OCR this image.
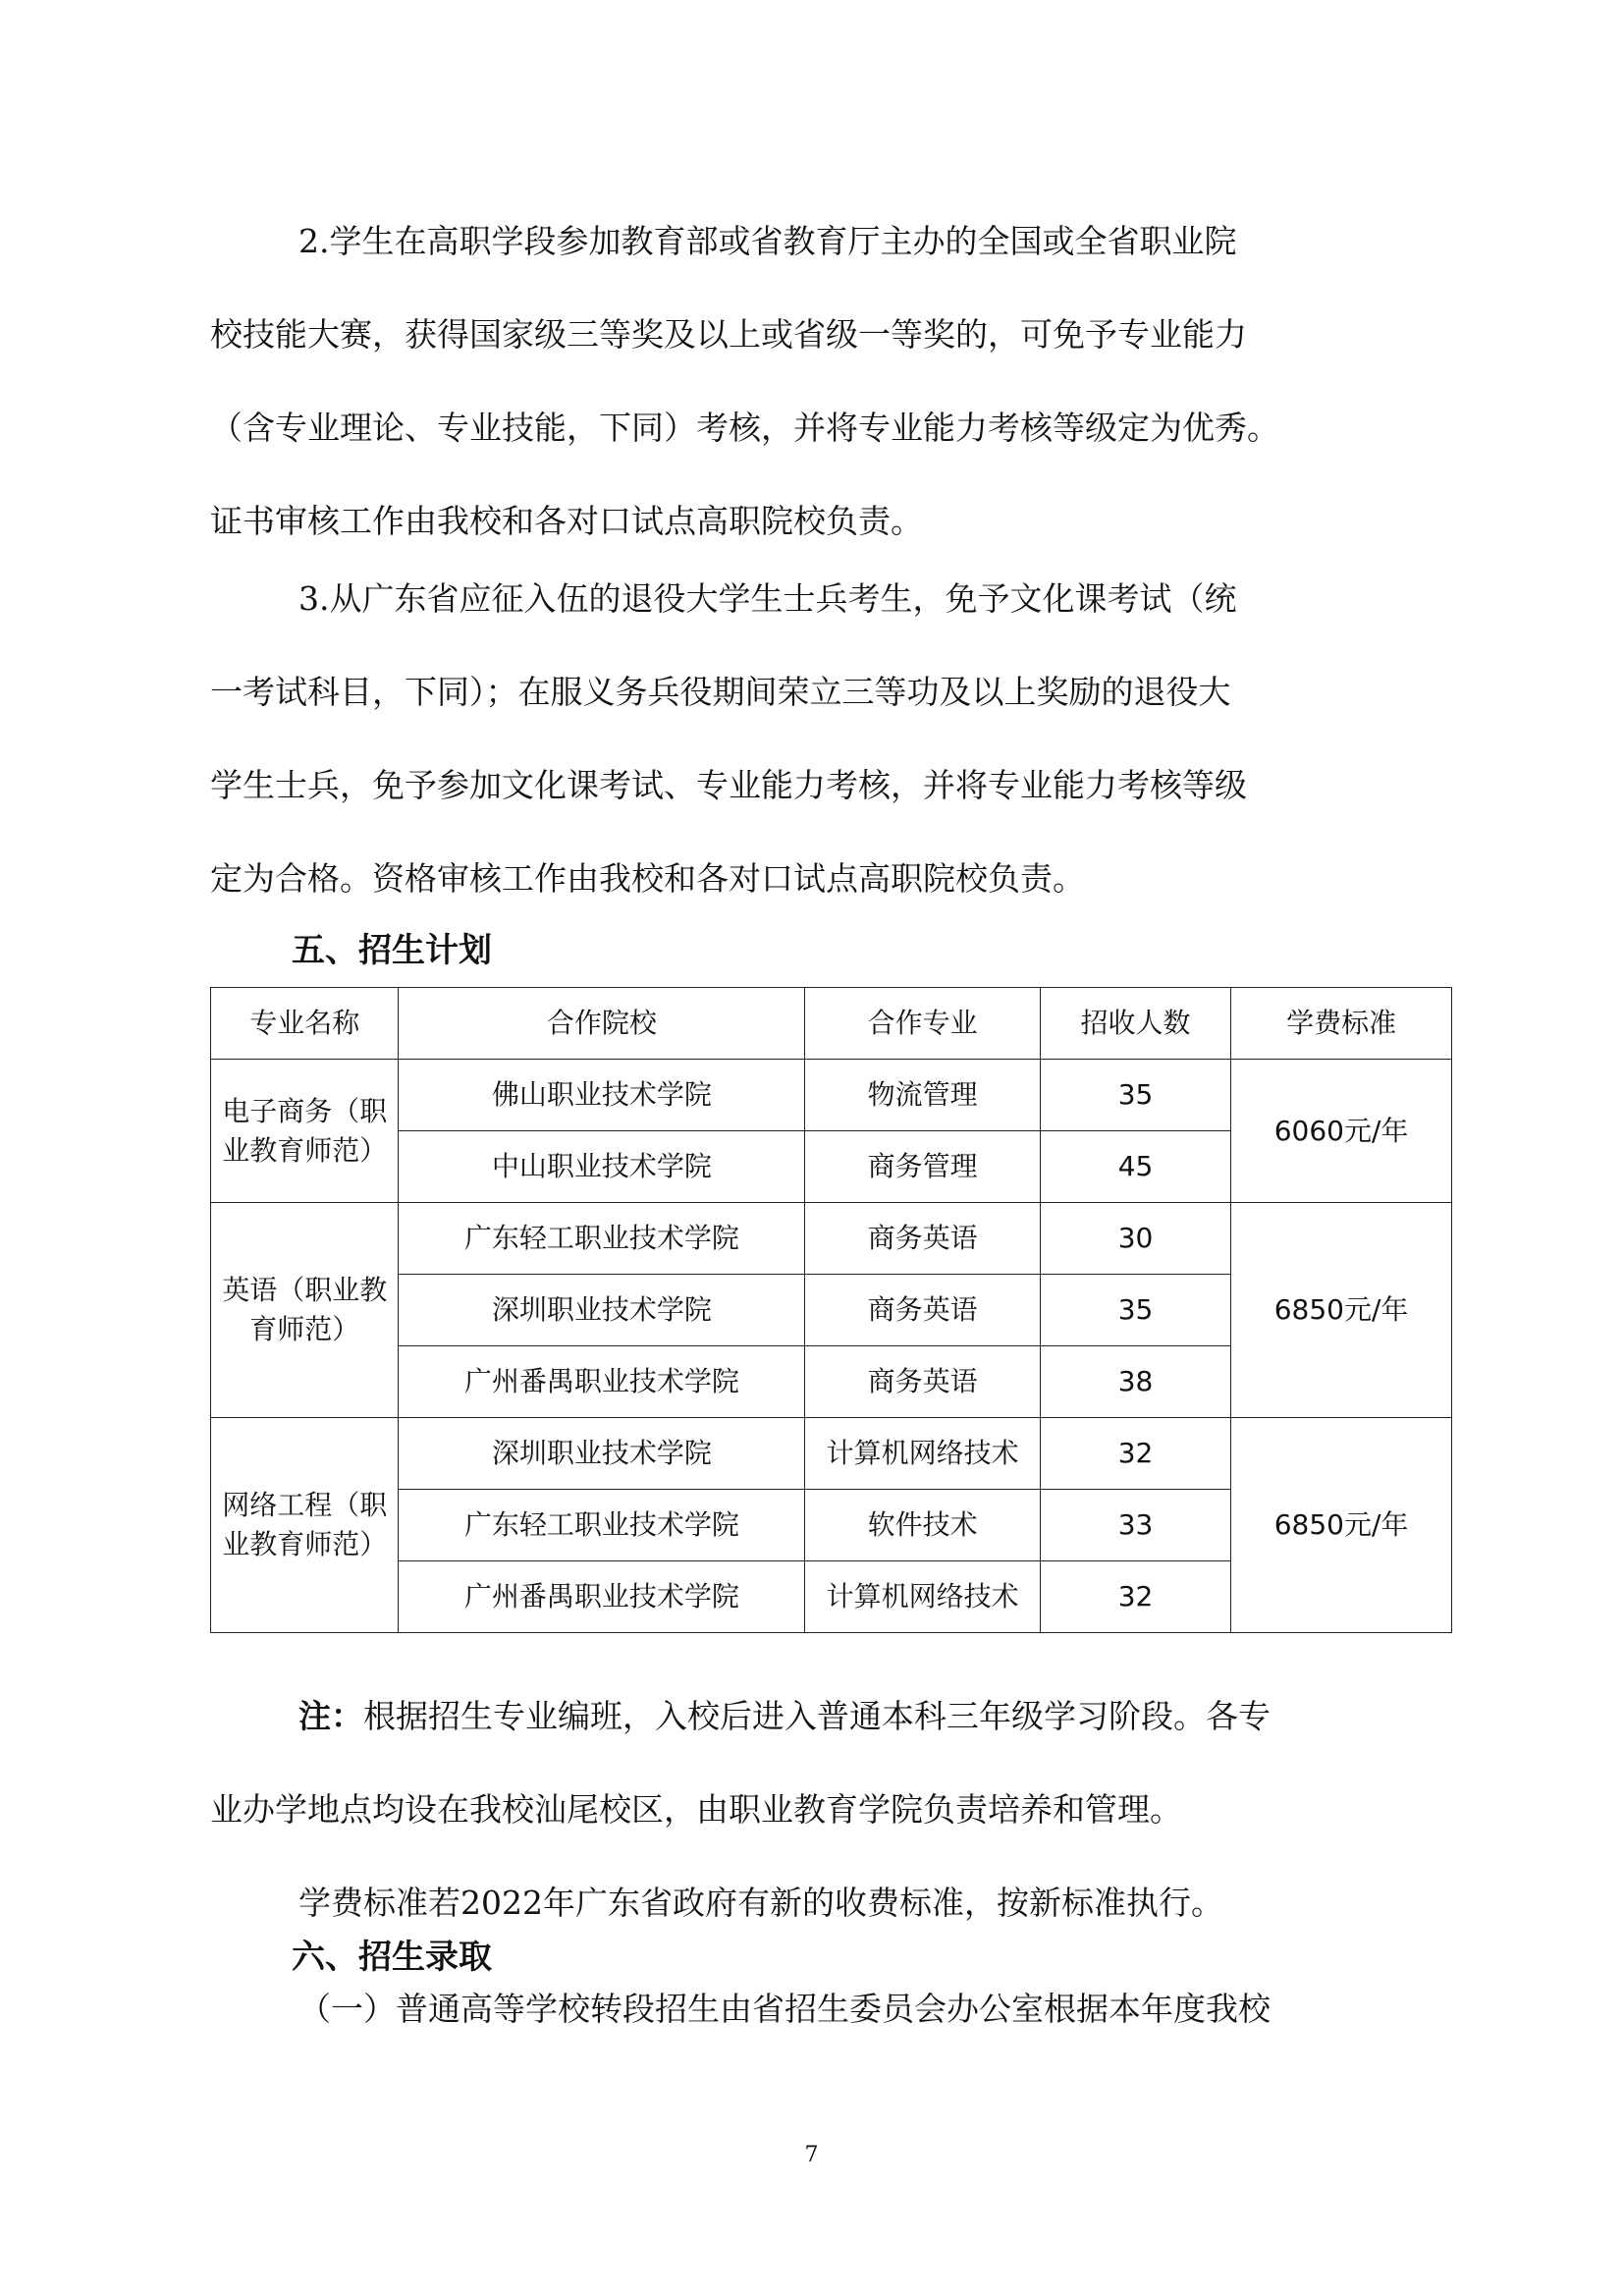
2.学生在高职学段参加教育部或省教育厅主办的全国或全省职业院
校技能大赛，获得国家级三等奖及以上或省级一等奖的，可免予专业能力
（含专业理论、专业技能，下同）考核，并将专业能力考核等级定为优秀。
证书审核工作由我校和各对口试点高职院校负责。
3.从广东省应征入伍的退役大学生士兵考生，免予文化课考试（统
一考试科目，下同）；在服义务兵役期间荣立三等功及以上奖励的退役大
学生士兵，免予参加文化课考试、专业能力考核，并将专业能力考核等级
定为合格。资格审核工作由我校和各对口试点高职院校负责。
五、招生计划
专业名称	合作院校	合作专业	招收人数	学费标准
电子商务（职业教育师范）	佛山职业技术学院	物流管理	35	6060元/年
	中山职业技术学院	商务管理	45	
英语（职业教育师范）	广东轻工职业技术学院	商务英语	30	6850元/年
	深圳职业技术学院	商务英语	35	
	广州番禺职业技术学院	商务英语	38	
网络工程（职业教育师范）	深圳职业技术学院	计算机网络技术	32	6850元/年
	广东轻工职业技术学院	软件技术	33	
	广州番禺职业技术学院	计算机网络技术	32	
注：根据招生专业编班，入校后进入普通本科三年级学习阶段。各专
业办学地点均设在我校汕尾校区，由职业教育学院负责培养和管理。
学费标准若2022年广东省政府有新的收费标准，按新标准执行。
六、招生录取
（一）普通高等学校转段招生由省招生委员会办公室根据本年度我校
7
